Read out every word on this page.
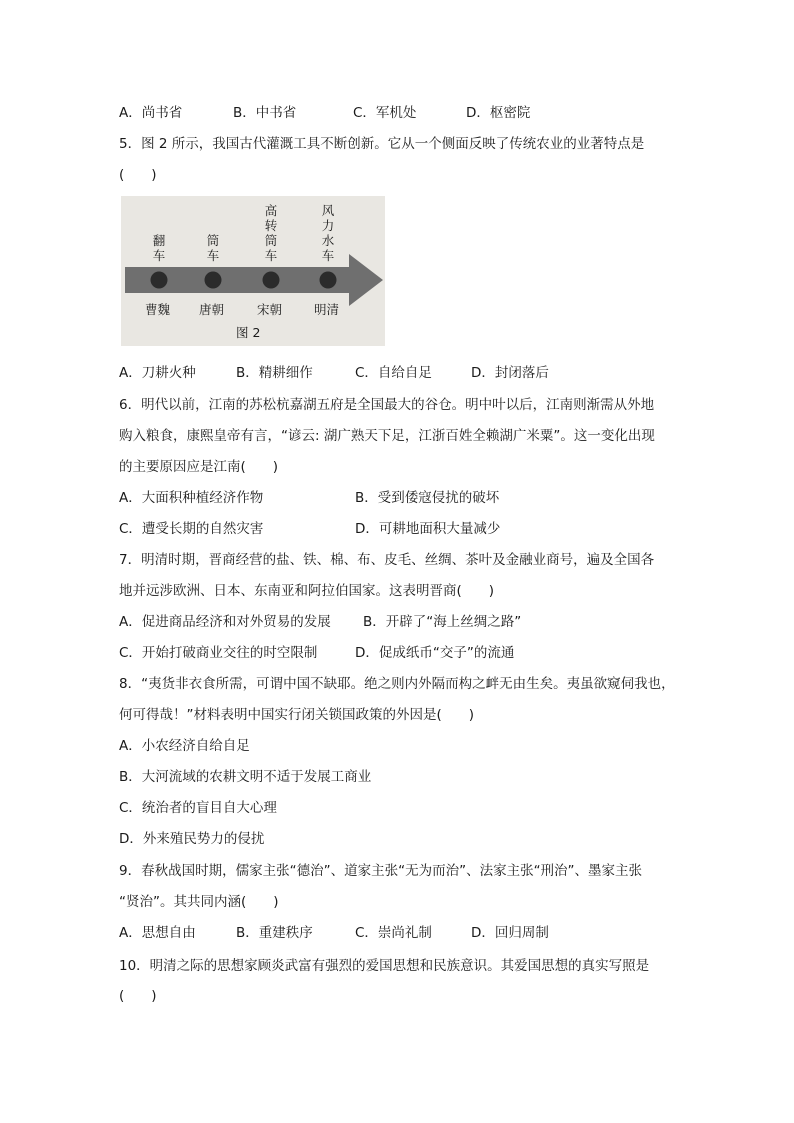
A．尚书省	B．中书省	C．军机处	D．枢密院
5．图 2 所示，我国古代灌溉工具不断创新。它从一个侧面反映了传统农业的业著特点是
(　　)
翻
车
筒
车
高
转
筒
车
风
力
水
车
曹魏 唐朝	宋朝	明清
图 2
A．刀耕火种	B．精耕细作	C．自给自足	D．封闭落后
6．明代以前，江南的苏松杭嘉湖五府是全国最大的谷仓。明中叶以后，江南则渐需从外地
购入粮食，康熙皇帝有言，“谚云: 湖广熟天下足，江浙百姓全赖湖广米粟”。这一变化出现
的主要原因应是江南(　　)
A．大面积种植经济作物	B．受到倭寇侵扰的破坏
C．遭受长期的自然灾害	D．可耕地面积大量减少
7．明清时期，晋商经营的盐、铁、棉、布、皮毛、丝绸、茶叶及金融业商号，遍及全国各
地并远涉欧洲、日本、东南亚和阿拉伯国家。这表明晋商(　　)
A．促进商品经济和对外贸易的发展 B．开辟了“海上丝绸之路”
C．开始打破商业交往的时空限制	D．促成纸币“交子”的流通
8．“夷货非衣食所需，可谓中国不缺耶。绝之则内外隔而构之衅无由生矣。夷虽欲窥伺我也，
何可得哉！”材料表明中国实行闭关锁国政策的外因是(　　)
A．小农经济自给自足
B．大河流域的农耕文明不适于发展工商业
C．统治者的盲目自大心理
D．外来殖民势力的侵扰
9．春秋战国时期，儒家主张“德治”、道家主张“无为而治”、法家主张“刑治”、墨家主张
“贤治”。其共同内涵(　　)
A．思想自由	B．重建秩序	C．崇尚礼制	D．回归周制
10．明清之际的思想家顾炎武富有强烈的爱国思想和民族意识。其爱国思想的真实写照是
(　　)
